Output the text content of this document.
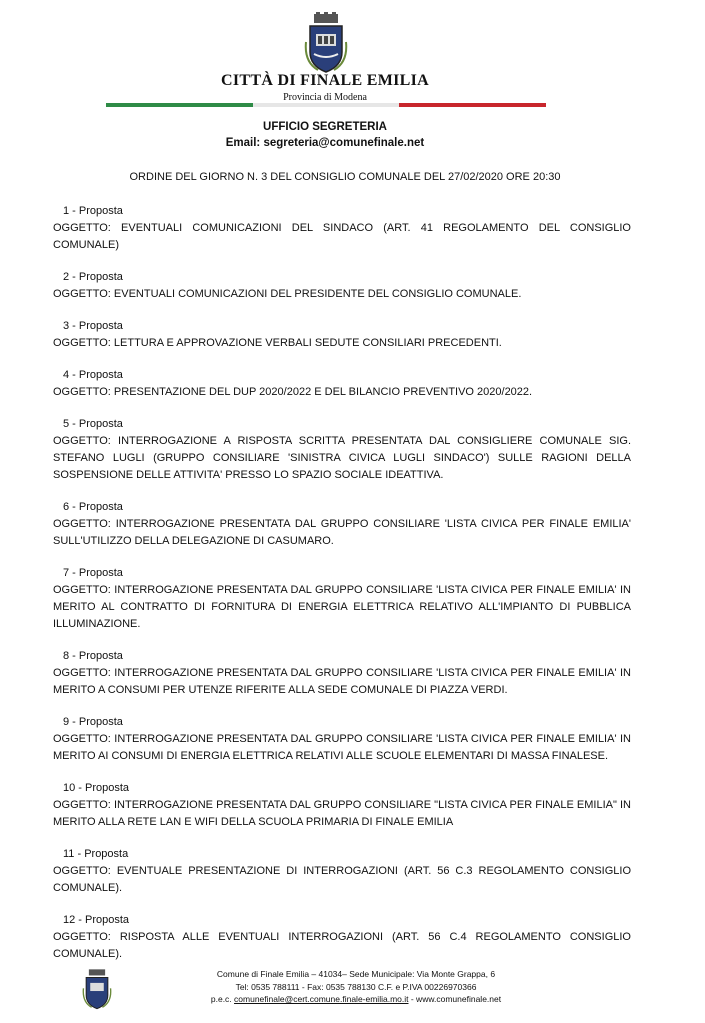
CITTÀ DI FINALE EMILIA
Provincia di Modena
UFFICIO SEGRETERIA
Email: segreteria@comunefinale.net
ORDINE DEL GIORNO N. 3 DEL CONSIGLIO COMUNALE DEL 27/02/2020 ORE 20:30
1 - Proposta
OGGETTO: EVENTUALI COMUNICAZIONI DEL SINDACO (ART. 41 REGOLAMENTO DEL CONSIGLIO COMUNALE)
2 - Proposta
OGGETTO: EVENTUALI COMUNICAZIONI DEL PRESIDENTE DEL CONSIGLIO COMUNALE.
3 - Proposta
OGGETTO: LETTURA E APPROVAZIONE VERBALI SEDUTE CONSILIARI PRECEDENTI.
4 - Proposta
OGGETTO: PRESENTAZIONE DEL DUP 2020/2022 E DEL BILANCIO PREVENTIVO 2020/2022.
5 - Proposta
OGGETTO: INTERROGAZIONE A RISPOSTA SCRITTA PRESENTATA DAL CONSIGLIERE COMUNALE SIG. STEFANO LUGLI (GRUPPO CONSILIARE 'SINISTRA CIVICA LUGLI SINDACO') SULLE RAGIONI DELLA SOSPENSIONE DELLE ATTIVITA' PRESSO LO SPAZIO SOCIALE IDEATTIVA.
6 - Proposta
OGGETTO: INTERROGAZIONE PRESENTATA DAL GRUPPO CONSILIARE 'LISTA CIVICA PER FINALE EMILIA' SULL'UTILIZZO DELLA DELEGAZIONE DI CASUMARO.
7 - Proposta
OGGETTO: INTERROGAZIONE PRESENTATA DAL GRUPPO CONSILIARE 'LISTA CIVICA PER FINALE EMILIA' IN MERITO AL CONTRATTO DI FORNITURA DI ENERGIA ELETTRICA RELATIVO ALL'IMPIANTO DI PUBBLICA ILLUMINAZIONE.
8 - Proposta
OGGETTO: INTERROGAZIONE PRESENTATA DAL GRUPPO CONSILIARE 'LISTA CIVICA PER FINALE EMILIA' IN MERITO A CONSUMI PER UTENZE RIFERITE ALLA SEDE COMUNALE DI PIAZZA VERDI.
9 - Proposta
OGGETTO: INTERROGAZIONE PRESENTATA DAL GRUPPO CONSILIARE 'LISTA CIVICA PER FINALE EMILIA' IN MERITO AI CONSUMI DI ENERGIA ELETTRICA RELATIVI ALLE SCUOLE ELEMENTARI DI MASSA FINALESE.
10 - Proposta
OGGETTO: INTERROGAZIONE PRESENTATA DAL GRUPPO CONSILIARE "LISTA CIVICA PER FINALE EMILIA" IN MERITO ALLA RETE LAN E WIFI DELLA SCUOLA PRIMARIA DI FINALE EMILIA
11 - Proposta
OGGETTO: EVENTUALE PRESENTAZIONE DI INTERROGAZIONI (ART. 56 C.3 REGOLAMENTO CONSIGLIO COMUNALE).
12 - Proposta
OGGETTO: RISPOSTA ALLE EVENTUALI INTERROGAZIONI (ART. 56 C.4 REGOLAMENTO CONSIGLIO COMUNALE).
Comune di Finale Emilia – 41034– Sede Municipale: Via Monte Grappa, 6
Tel: 0535 788111 - Fax: 0535 788130 C.F. e P.IVA 00226970366
p.e.c. comunefinale@cert.comune.finale-emilia.mo.it - www.comunefinale.net
